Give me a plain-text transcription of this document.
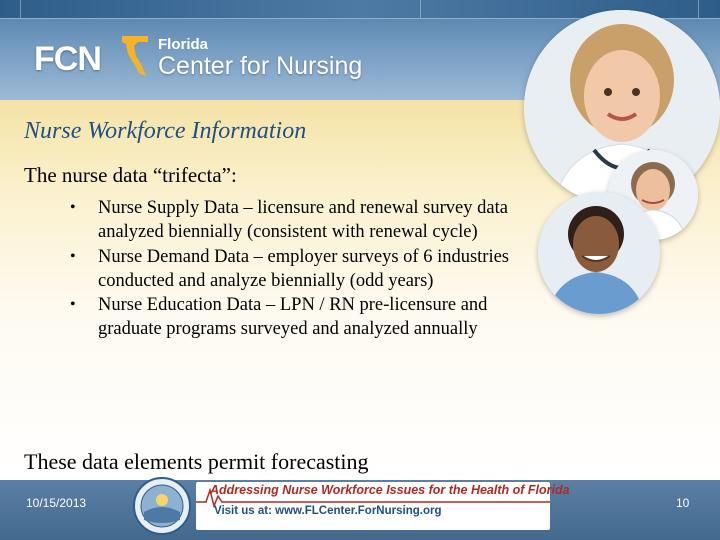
FCN	Florida
Center for Nursing
Nurse Workforce Information
The nurse data “trifecta”:
• Nurse Supply Data – licensure and renewal survey data analyzed biennially (consistent with renewal cycle)
• Nurse Demand Data – employer surveys of 6 industries conducted and analyze biennially (odd years)
• Nurse Education Data – LPN / RN pre-licensure and graduate programs surveyed and analyzed annually
These data elements permit forecasting
10/15/2013
Addressing Nurse Workforce Issues for the Health of Florida
Visit us at: www.FLCenter.ForNursing.org
10
